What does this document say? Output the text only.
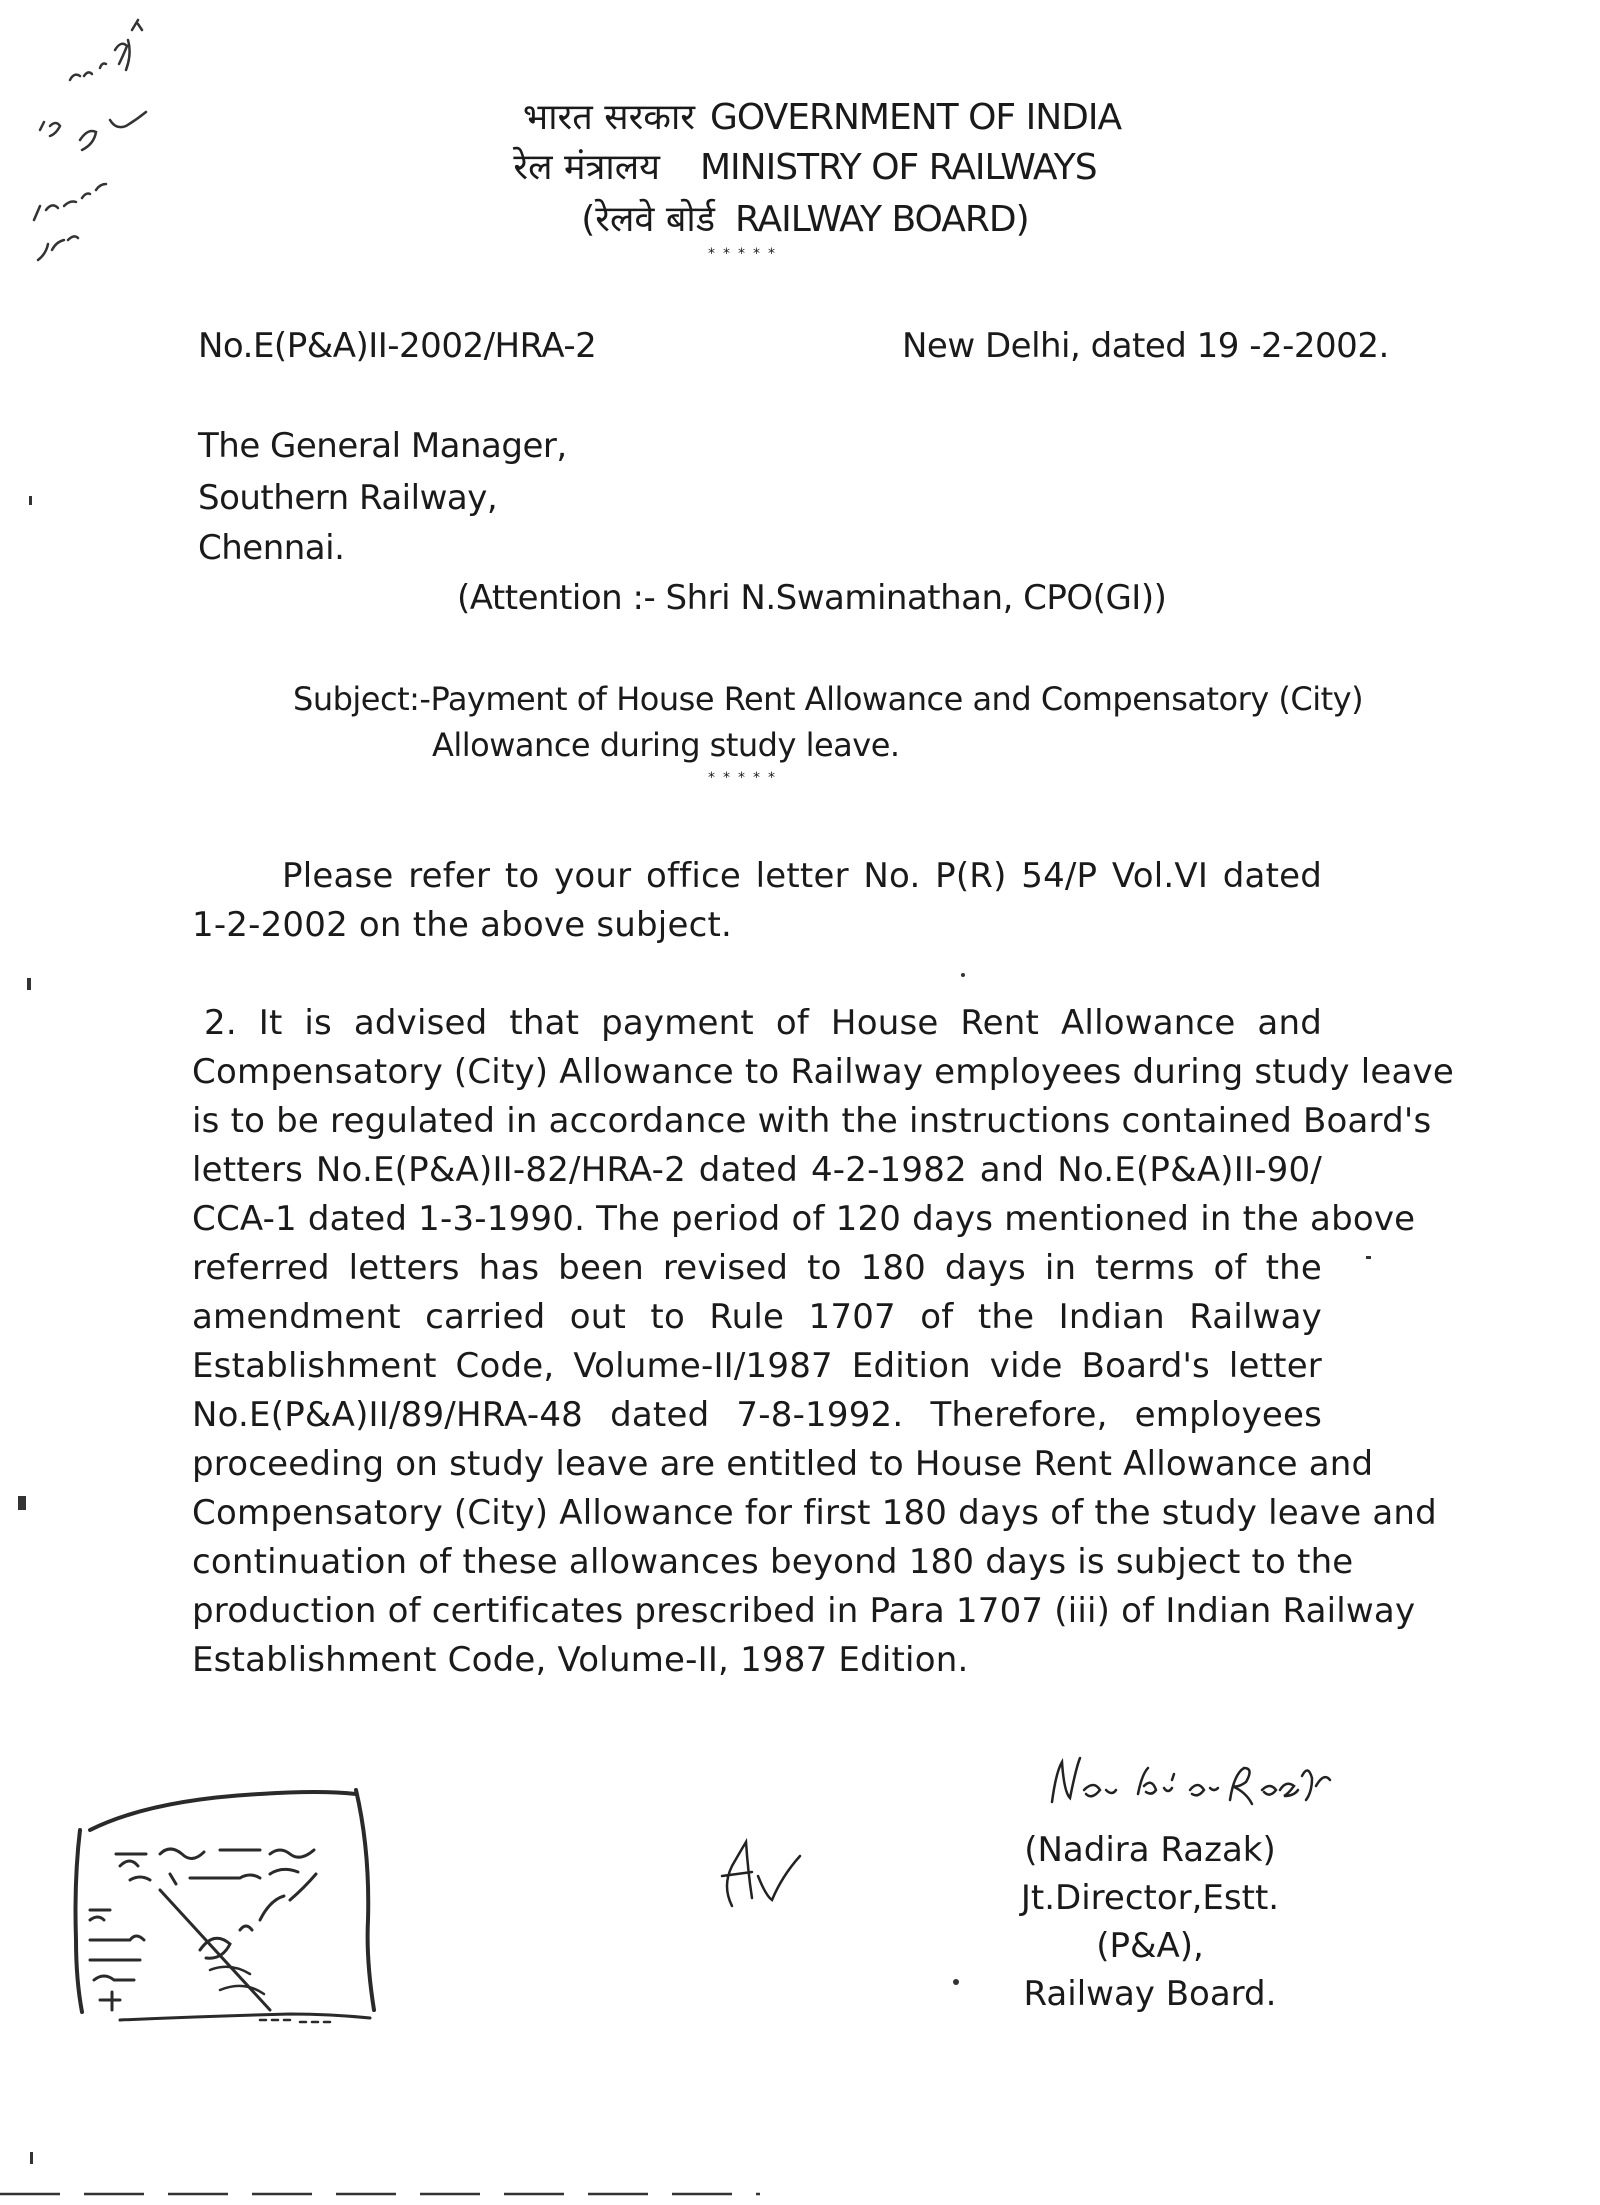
भारत सरकार GOVERNMENT OF INDIA
रेल मंत्रालय MINISTRY OF RAILWAYS
(रेलवे बोर्ड RAILWAY BOARD)
*****
No.E(P&A)II-2002/HRA-2	New Delhi, dated 19 -2-2002.
The General Manager,
Southern Railway,
Chennai.
(Attention :- Shri N.Swaminathan, CPO(GI))
Subject:-Payment of House Rent Allowance and Compensatory (City)
Allowance during study leave.
*****
Please refer to your office letter No. P(R) 54/P Vol.VI dated
1-2-2002 on the above subject.
2. It is advised that payment of House Rent Allowance and
Compensatory (City) Allowance to Railway employees during study leave
is to be regulated in accordance with the instructions contained Board's
letters No.E(P&A)II-82/HRA-2 dated 4-2-1982 and No.E(P&A)II-90/
CCA-1 dated 1-3-1990. The period of 120 days mentioned in the above
referred letters has been revised to 180 days in terms of the
amendment carried out to Rule 1707 of the Indian Railway
Establishment Code, Volume-II/1987 Edition vide Board's letter
No.E(P&A)II/89/HRA-48 dated 7-8-1992. Therefore, employees
proceeding on study leave are entitled to House Rent Allowance and
Compensatory (City) Allowance for first 180 days of the study leave and
continuation of these allowances beyond 180 days is subject to the
production of certificates prescribed in Para 1707 (iii) of Indian Railway
Establishment Code, Volume-II, 1987 Edition.
(Nadira Razak)
Jt.Director,Estt.(P&A),
Railway Board.
